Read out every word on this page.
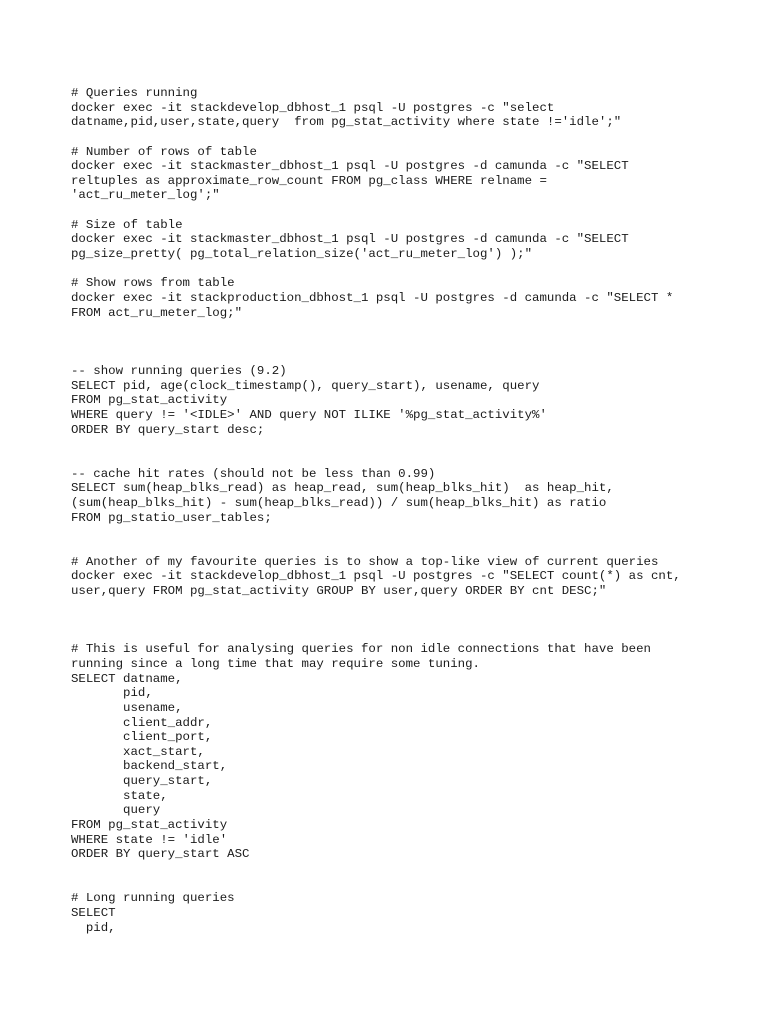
# Queries running
docker exec -it stackdevelop_dbhost_1 psql -U postgres -c "select
datname,pid,user,state,query  from pg_stat_activity where state !='idle';"

# Number of rows of table
docker exec -it stackmaster_dbhost_1 psql -U postgres -d camunda -c "SELECT
reltuples as approximate_row_count FROM pg_class WHERE relname =
'act_ru_meter_log';"

# Size of table
docker exec -it stackmaster_dbhost_1 psql -U postgres -d camunda -c "SELECT
pg_size_pretty( pg_total_relation_size('act_ru_meter_log') );"

# Show rows from table
docker exec -it stackproduction_dbhost_1 psql -U postgres -d camunda -c "SELECT *
FROM act_ru_meter_log;"

-- show running queries (9.2)
SELECT pid, age(clock_timestamp(), query_start), usename, query
FROM pg_stat_activity
WHERE query != '<IDLE>' AND query NOT ILIKE '%pg_stat_activity%'
ORDER BY query_start desc;

-- cache hit rates (should not be less than 0.99)
SELECT sum(heap_blks_read) as heap_read, sum(heap_blks_hit)  as heap_hit,
(sum(heap_blks_hit) - sum(heap_blks_read)) / sum(heap_blks_hit) as ratio
FROM pg_statio_user_tables;

# Another of my favourite queries is to show a top-like view of current queries
docker exec -it stackdevelop_dbhost_1 psql -U postgres -c "SELECT count(*) as cnt,
user,query FROM pg_stat_activity GROUP BY user,query ORDER BY cnt DESC;"

# This is useful for analysing queries for non idle connections that have been
running since a long time that may require some tuning.
SELECT datname,
pid,
usename,
client_addr,
client_port,
xact_start,
backend_start,
query_start,
state,
query
FROM pg_stat_activity
WHERE state != 'idle'
ORDER BY query_start ASC

# Long running queries
SELECT
pid,
